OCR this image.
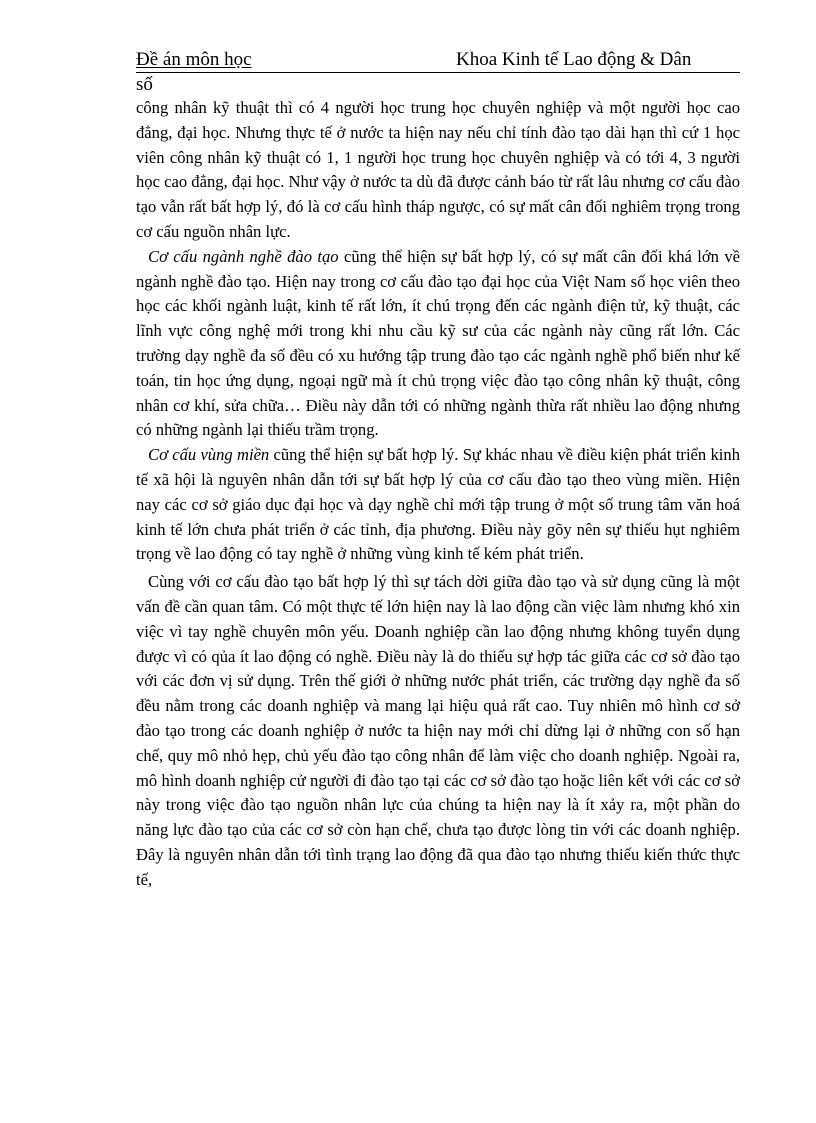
Đề án môn học	Khoa Kinh tế Lao động & Dân
số

công nhân kỹ thuật thì có 4 người học trung học chuyên nghiệp và một người học cao đẳng, đại học. Nhưng thực tế ở nước ta hiện nay nếu chỉ tính đào tạo dài hạn thì cứ 1 học viên công nhân kỹ thuật có 1, 1 người học trung học chuyên nghiệp và có tới 4, 3 người học cao đẳng, đại học. Như vậy ở nước ta dù đã được cảnh báo từ rất lâu nhưng cơ cấu đào tạo vẫn rất bất hợp lý, đó là cơ cấu hình tháp ngược, có sự mất cân đối nghiêm trọng trong cơ cấu nguồn nhân lực.

Cơ cấu ngành nghề đào tạo cũng thể hiện sự bất hợp lý, có sự mất cân đối khá lớn về ngành nghề đào tạo. Hiện nay trong cơ cấu đào tạo đại học của Việt Nam số học viên theo học các khối ngành luật, kinh tế rất lớn, ít chú trọng đến các ngành điện tử, kỹ thuật, các lĩnh vực công nghệ mới trong khi nhu cầu kỹ sư của các ngành này cũng rất lớn. Các trường dạy nghề đa số đều có xu hướng tập trung đào tạo các ngành nghề phổ biến như kế toán, tin học ứng dụng, ngoại ngữ mà ít chủ trọng việc đào tạo công nhân kỹ thuật, công nhân cơ khí, sửa chữa… Điều này dẫn tới có những ngành thừa rất nhiều lao động nhưng có những ngành lại thiếu trầm trọng.

Cơ cấu vùng miền cũng thể hiện sự bất hợp lý. Sự khác nhau về điều kiện phát triển kinh tế xã hội là nguyên nhân dẫn tới sự bất hợp lý của cơ cấu đào tạo theo vùng miền. Hiện nay các cơ sở giáo dục đại học và dạy nghề chỉ mới tập trung ở một số trung tâm văn hoá kinh tế lớn chưa phát triển ở các tỉnh, địa phương. Điều này gõy nên sự thiếu hụt nghiêm trọng về lao động có tay nghề ở những vùng kinh tế kém phát triển.

Cùng với cơ cấu đào tạo bất hợp lý thì sự tách dời giữa đào tạo và sử dụng cũng là một vấn đề cần quan tâm. Có một thực tế lớn hiện nay là lao động cần việc làm nhưng khó xin việc vì tay nghề chuyên môn yếu. Doanh nghiệp cần lao động nhưng không tuyển dụng được vì có qủa ít lao động có nghề. Điều này là do thiếu sự hợp tác giữa các cơ sở đào tạo với các đơn vị sử dụng. Trên thế giới ở những nước phát triển, các trường dạy nghề đa số đều nằm trong các doanh nghiệp và mang lại hiệu quả rất cao. Tuy nhiên mô hình cơ sở đào tạo trong các doanh nghiệp ở nước ta hiện nay mới chỉ dừng lại ở những con số hạn chế, quy mô nhỏ hẹp, chủ yếu đào tạo công nhân để làm việc cho doanh nghiệp. Ngoài ra, mô hình doanh nghiệp cử người đi đào tạo tại các cơ sở đào tạo hoặc liên kết với các cơ sở này trong việc đào tạo nguồn nhân lực của chúng ta hiện nay là ít xảy ra, một phần do năng lực đào tạo của các cơ sở còn hạn chế, chưa tạo được lòng tin với các doanh nghiệp. Đây là nguyên nhân dẫn tới tình trạng lao động đã qua đào tạo nhưng thiếu kiến thức thực tế,
